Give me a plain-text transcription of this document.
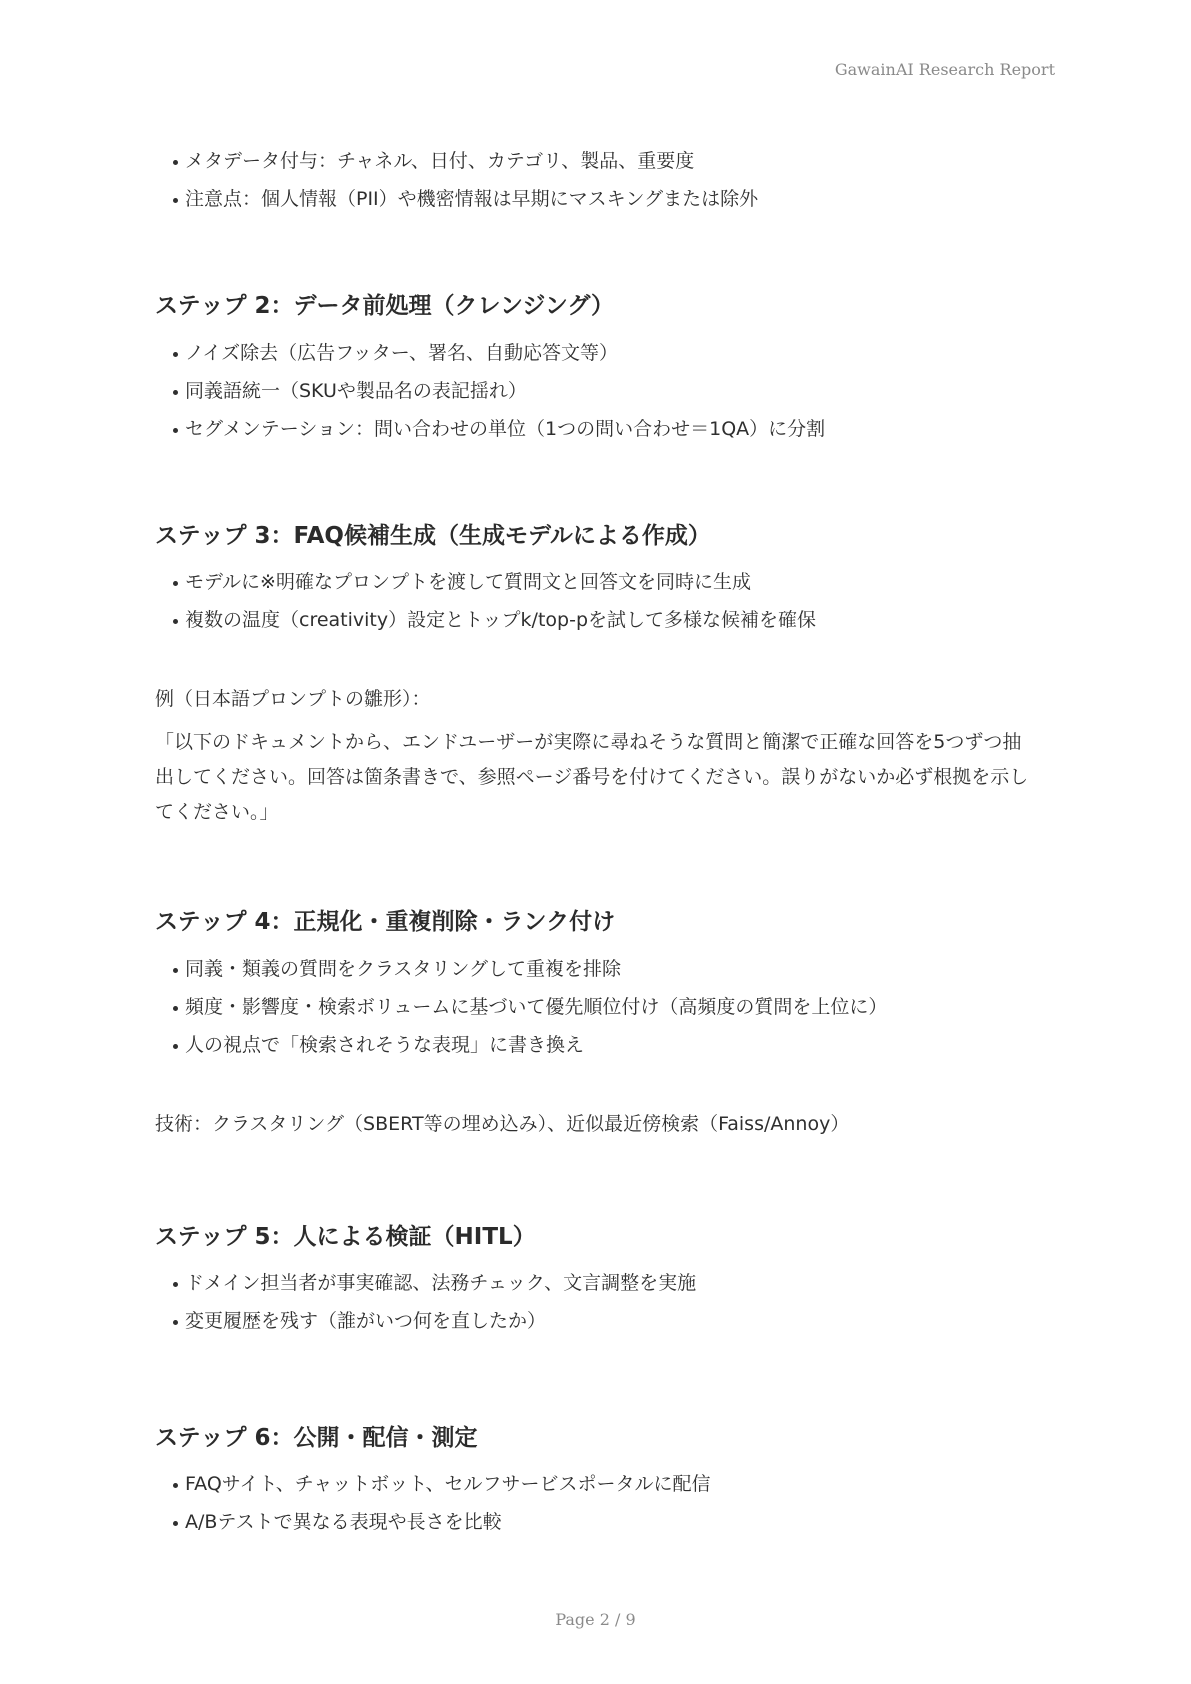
GawainAI Research Report
メタデータ付与：チャネル、日付、カテゴリ、製品、重要度
注意点：個人情報（PII）や機密情報は早期にマスキングまたは除外
ステップ 2：データ前処理（クレンジング）
ノイズ除去（広告フッター、署名、自動応答文等）
同義語統一（SKUや製品名の表記揺れ）
セグメンテーション：問い合わせの単位（1つの問い合わせ＝1QA）に分割
ステップ 3：FAQ候補生成（生成モデルによる作成）
モデルに※明確なプロンプトを渡して質問文と回答文を同時に生成
複数の温度（creativity）設定とトップk/top-pを試して多様な候補を確保

例（日本語プロンプトの雛形）：

「以下のドキュメントから、エンドユーザーが実際に尋ねそうな質問と簡潔で正確な回答を5つずつ抽出してください。回答は箇条書きで、参照ページ番号を付けてください。誤りがないか必ず根拠を示してください。」

ステップ 4：正規化・重複削除・ランク付け
同義・類義の質問をクラスタリングして重複を排除
頻度・影響度・検索ボリュームに基づいて優先順位付け（高頻度の質問を上位に）
人の視点で「検索されそうな表現」に書き換え

技術：クラスタリング（SBERT等の埋め込み）、近似最近傍検索（Faiss/Annoy）

ステップ 5：人による検証（HITL）
ドメイン担当者が事実確認、法務チェック、文言調整を実施
変更履歴を残す（誰がいつ何を直したか）
ステップ 6：公開・配信・測定
FAQサイト、チャットボット、セルフサービスポータルに配信
A/Bテストで異なる表現や長さを比較
Page 2 / 9
